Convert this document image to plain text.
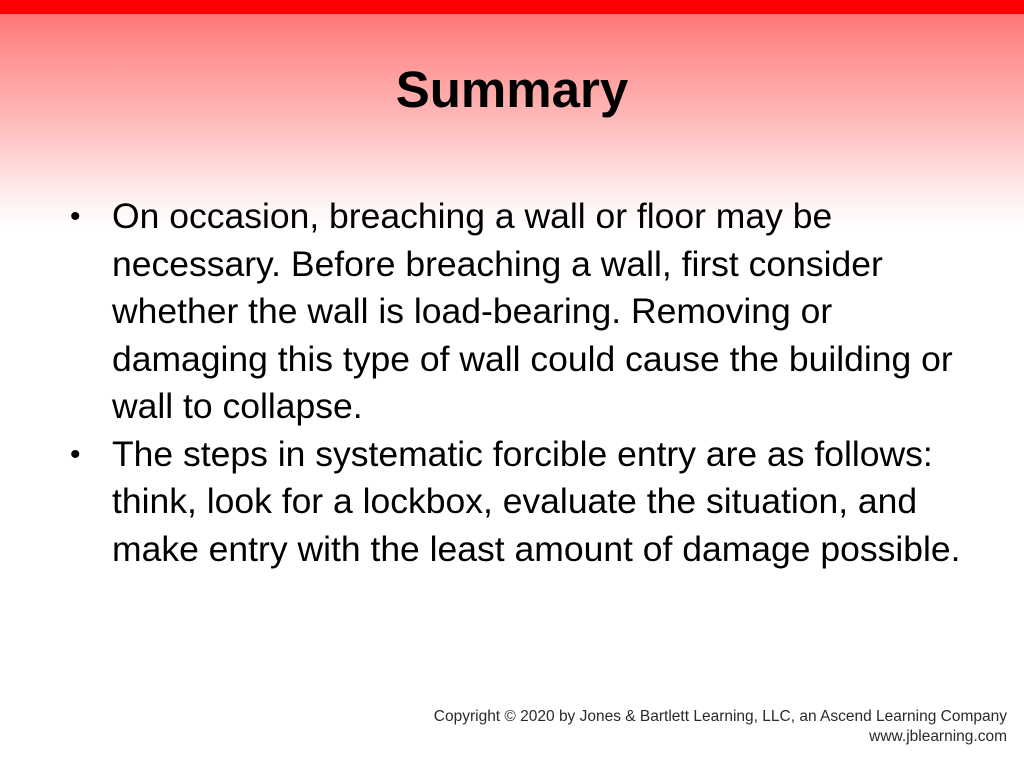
Summary
• On occasion, breaching a wall or floor may be necessary. Before breaching a wall, first consider whether the wall is load-bearing. Removing or damaging this type of wall could cause the building or wall to collapse.
• The steps in systematic forcible entry are as follows: think, look for a lockbox, evaluate the situation, and make entry with the least amount of damage possible.
Copyright © 2020 by Jones & Bartlett Learning, LLC, an Ascend Learning Company
www.jblearning.com
